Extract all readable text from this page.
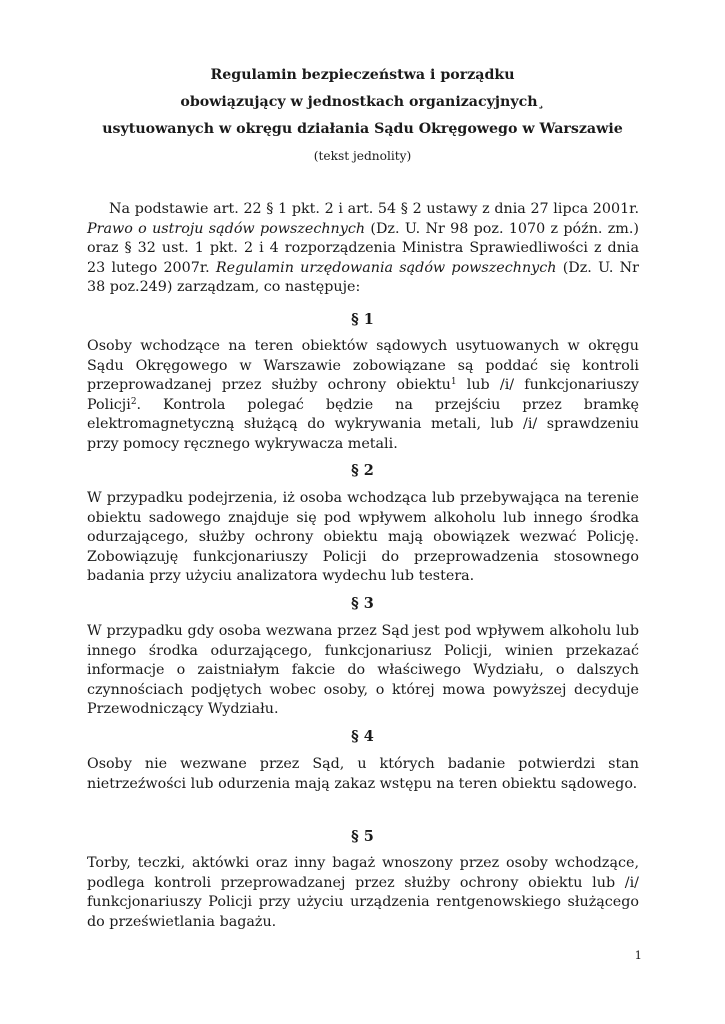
Regulamin bezpieczeństwa i porządku
obowiązujący w jednostkach organizacyjnych¸
usytuowanych w okręgu działania Sądu Okręgowego w Warszawie
(tekst jednolity)

Na podstawie art. 22 § 1 pkt. 2 i art. 54 § 2 ustawy z dnia 27 lipca 2001r. Prawo o ustroju sądów powszechnych (Dz. U. Nr 98 poz. 1070 z późn. zm.) oraz § 32 ust. 1 pkt. 2 i 4 rozporządzenia Ministra Sprawiedliwości z dnia 23 lutego 2007r. Regulamin urzędowania sądów powszechnych (Dz. U. Nr 38 poz.249) zarządzam, co następuje:

§ 1

Osoby wchodzące na teren obiektów sądowych usytuowanych w okręgu Sądu Okręgowego w Warszawie zobowiązane są poddać się kontroli przeprowadzanej przez służby ochrony obiektu$^1$ lub /i/ funkcjonariuszy Policji$^2$. Kontrola polegać będzie na przejściu przez bramkę elektromagnetyczną służącą do wykrywania metali, lub /i/ sprawdzeniu przy pomocy ręcznego wykrywacza metali.

§ 2

W przypadku podejrzenia, iż osoba wchodząca lub przebywająca na terenie obiektu sadowego znajduje się pod wpływem alkoholu lub innego środka odurzającego, służby ochrony obiektu mają obowiązek wezwać Policję. Zobowiązuję funkcjonariuszy Policji do przeprowadzenia stosownego badania przy użyciu analizatora wydechu lub testera.

§ 3

W przypadku gdy osoba wezwana przez Sąd jest pod wpływem alkoholu lub innego środka odurzającego, funkcjonariusz Policji, winien przekazać informacje o zaistniałym fakcie do właściwego Wydziału, o dalszych czynnościach podjętych wobec osoby, o której mowa powyższej decyduje Przewodniczący Wydziału.

§ 4

Osoby nie wezwane przez Sąd, u których badanie potwierdzi stan nietrzeźwości lub odurzenia mają zakaz wstępu na teren obiektu sądowego.

§ 5

Torby, teczki, aktówki oraz inny bagaż wnoszony przez osoby wchodzące, podlega kontroli przeprowadzanej przez służby ochrony obiektu lub /i/ funkcjonariuszy Policji przy użyciu urządzenia rentgenowskiego służącego do prześwietlania bagażu.

1
